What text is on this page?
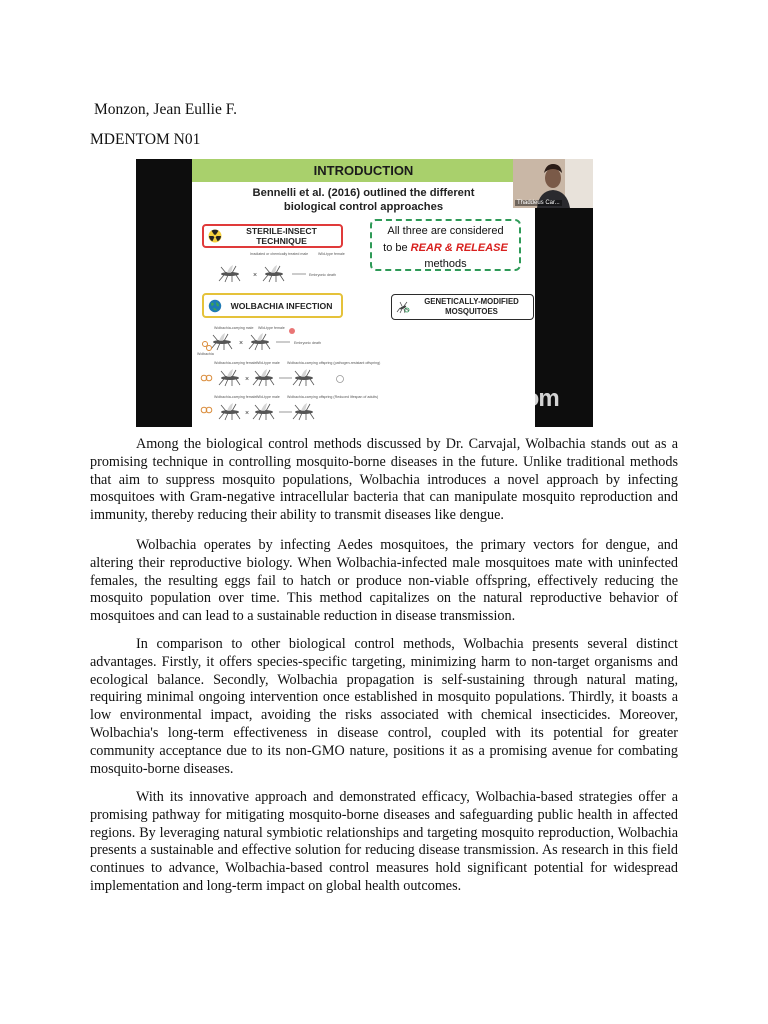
Monzon, Jean Eullie F.
MDENTOM N01
INTRODUCTION
Bennelli et al. (2016) outlined the different
biological control approaches
STERILE-INSECT TECHNIQUE
All three are considered
to be REAR & RELEASE
methods
WOLBACHIA INFECTION	GENETICALLY-MODIFIED
MOSQUITOES
Irradiated or chemically treated male	Wild-type female
×	Embryonic death
Wolbachia-carrying male Wild-type female
×	Embryonic death
Wolbachia
Wolbachia-carrying female Wild-type male Wolbachia-carrying offspring (pathogen-resistant offspring)
×
Wolbachia-carrying female Wild-type male Wolbachia-carrying offspring (Reduced lifespan of adults)
×
Thaddeus Car...
zoom

Among the biological control methods discussed by Dr. Carvajal, Wolbachia stands out as a promising technique in controlling mosquito-borne diseases in the future. Unlike traditional methods that aim to suppress mosquito populations, Wolbachia introduces a novel approach by infecting mosquitoes with Gram-negative intracellular bacteria that can manipulate mosquito reproduction and immunity, thereby reducing their ability to transmit diseases like dengue.

Wolbachia operates by infecting Aedes mosquitoes, the primary vectors for dengue, and altering their reproductive biology. When Wolbachia-infected male mosquitoes mate with uninfected females, the resulting eggs fail to hatch or produce non-viable offspring, effectively reducing the mosquito population over time. This method capitalizes on the natural reproductive behavior of mosquitoes and can lead to a sustainable reduction in disease transmission.

In comparison to other biological control methods, Wolbachia presents several distinct advantages. Firstly, it offers species-specific targeting, minimizing harm to non-target organisms and ecological balance. Secondly, Wolbachia propagation is self-sustaining through natural mating, requiring minimal ongoing intervention once established in mosquito populations. Thirdly, it boasts a low environmental impact, avoiding the risks associated with chemical insecticides. Moreover, Wolbachia's long-term effectiveness in disease control, coupled with its potential for greater community acceptance due to its non-GMO nature, positions it as a promising avenue for combating mosquito-borne diseases.

With its innovative approach and demonstrated efficacy, Wolbachia-based strategies offer a promising pathway for mitigating mosquito-borne diseases and safeguarding public health in affected regions. By leveraging natural symbiotic relationships and targeting mosquito reproduction, Wolbachia presents a sustainable and effective solution for reducing disease transmission. As research in this field continues to advance, Wolbachia-based control measures hold significant potential for widespread implementation and long-term impact on global health outcomes.
